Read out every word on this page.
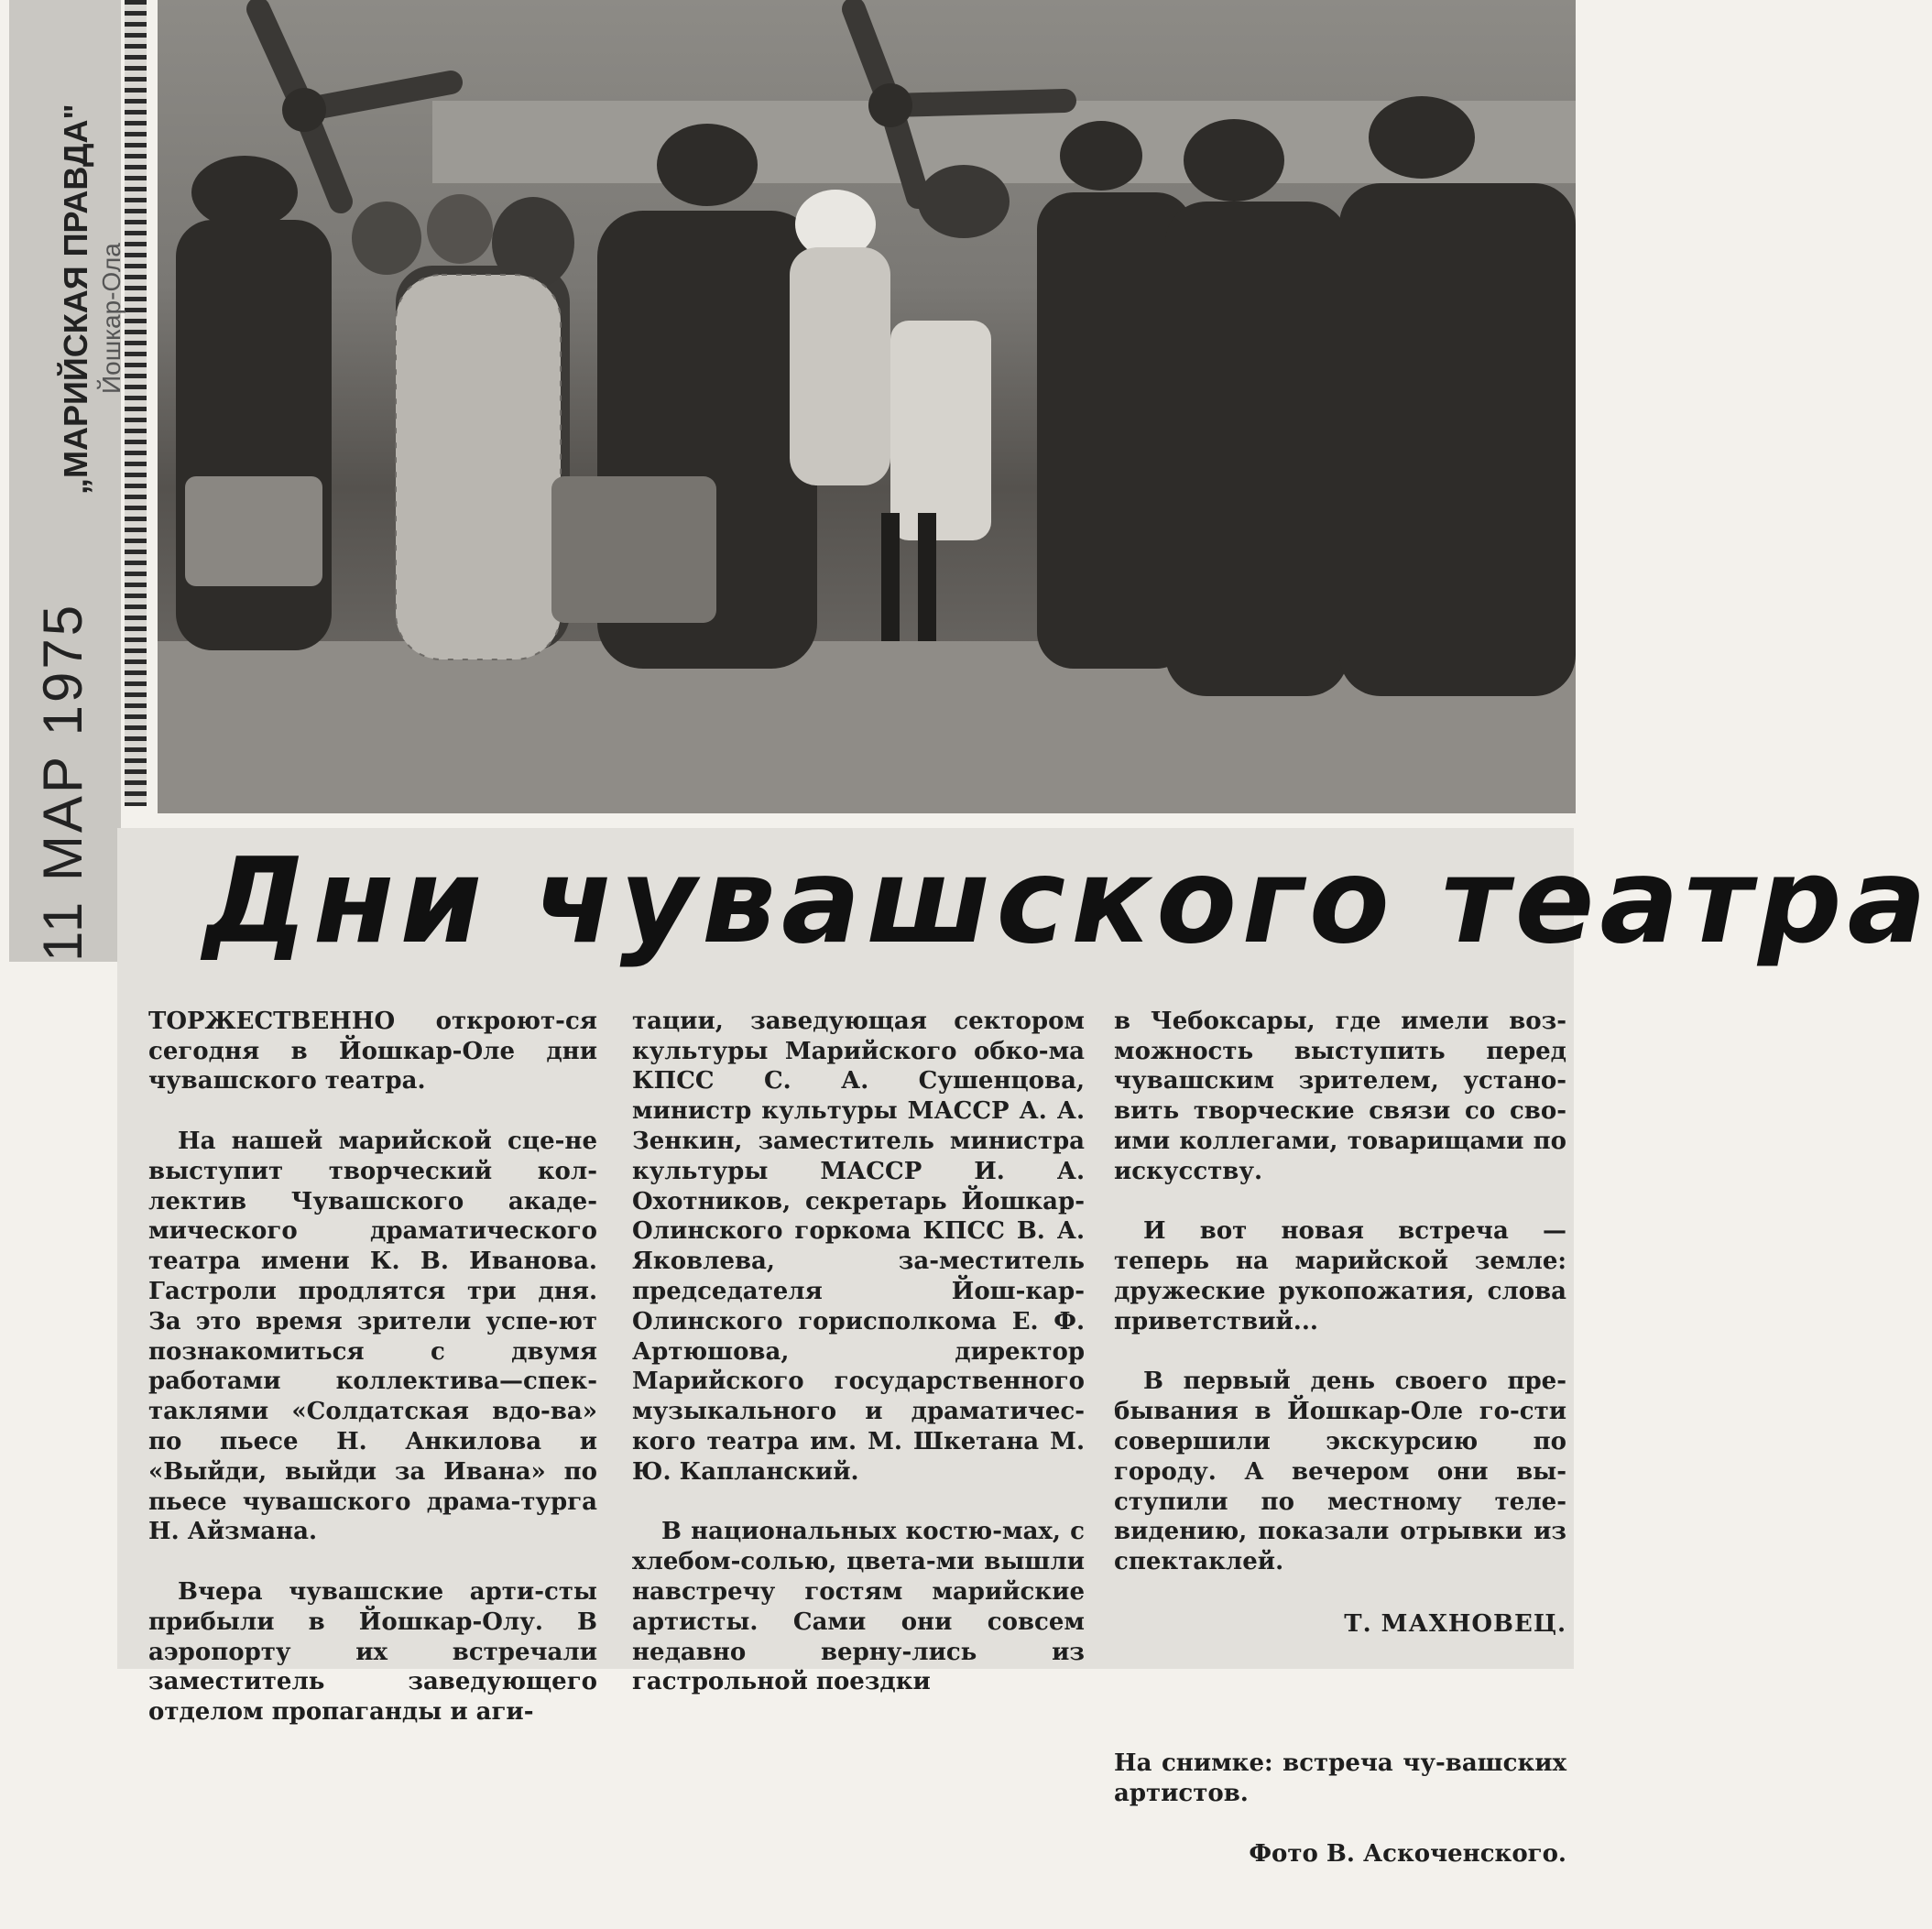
11 МАР 1975
„МАРИЙСКАЯ ПРАВДА" Йошкар-Ола
Дни чувашского театра

ТОРЖЕСТВЕННО откроют-ся сегодня в Йошкар-Оле дни чувашского театра.

На нашей марийской сце-не выступит творческий кол-лектив Чувашского акаде-мического драматического театра имени К. В. Иванова. Гастроли продлятся три дня. За это время зрители успе-ют познакомиться с двумя работами коллектива—спек-таклями «Солдатская вдо-ва» по пьесе Н. Анкилова и «Выйди, выйди за Ивана» по пьесе чувашского драма-турга Н. Айзмана.

Вчера чувашские арти-сты прибыли в Йошкар-Олу. В аэропорту их встречали заместитель заведующего отделом пропаганды и аги-

тации, заведующая сектором культуры Марийского обко-ма КПСС С. А. Сушенцова, министр культуры МАССР А. А. Зенкин, заместитель министра культуры МАССР И. А. Охотников, секретарь Йошкар-Олинского горкома КПСС В. А. Яковлева, за-меститель председателя Йош-кар-Олинского горисполкома Е. Ф. Артюшова, директор Марийского государственного музыкального и драматичес-кого театра им. М. Шкетана М. Ю. Капланский.

В национальных костю-мах, с хлебом-солью, цвета-ми вышли навстречу гостям марийские артисты. Сами они совсем недавно верну-лись из гастрольной поездки

в Чебоксары, где имели воз-можность выступить перед чувашским зрителем, устано-вить творческие связи со сво-ими коллегами, товарищами по искусству.

И вот новая встреча — теперь на марийской земле: дружеские рукопожатия, слова приветствий...

В первый день своего пре-бывания в Йошкар-Оле го-сти совершили экскурсию по городу. А вечером они вы-ступили по местному теле-видению, показали отрывки из спектаклей.

Т. МАХНОВЕЦ.

На снимке: встреча чу-вашских артистов.

Фото В. Аскоченского.
